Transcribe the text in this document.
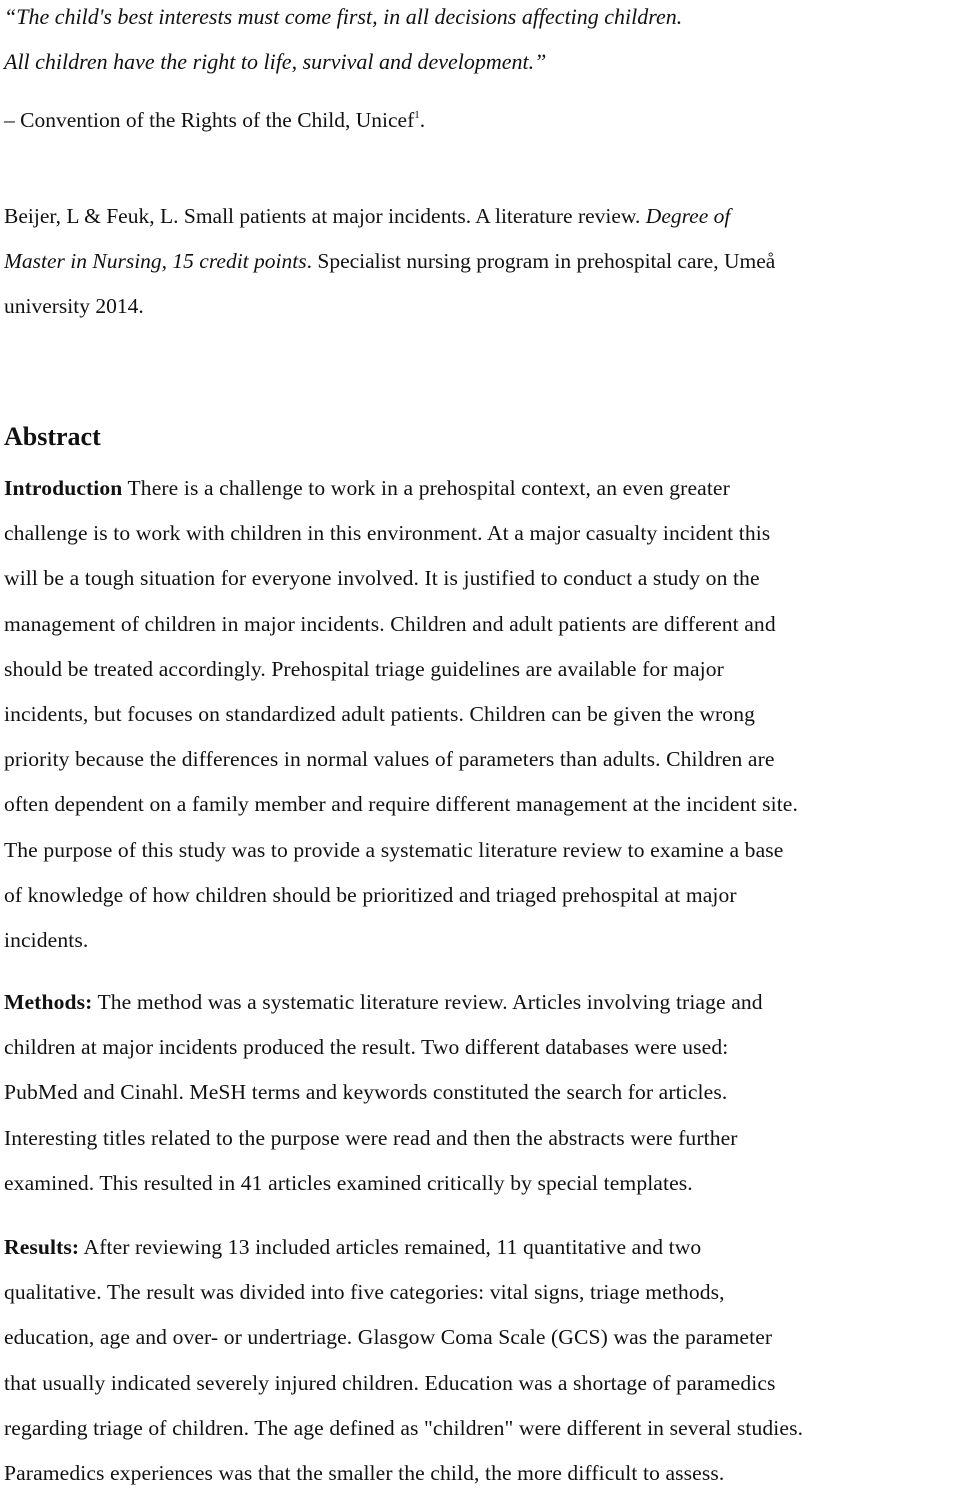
“The child's best interests must come first, in all decisions affecting children.
All children have the right to life, survival and development.”

– Convention of the Rights of the Child, Unicef$^1$.

Beijer, L & Feuk, L. Small patients at major incidents. A literature review. Degree of
Master in Nursing, 15 credit points. Specialist nursing program in prehospital care, Umeå
university 2014.

Abstract

Introduction There is a challenge to work in a prehospital context, an even greater
challenge is to work with children in this environment. At a major casualty incident this
will be a tough situation for everyone involved. It is justified to conduct a study on the
management of children in major incidents. Children and adult patients are different and
should be treated accordingly. Prehospital triage guidelines are available for major
incidents, but focuses on standardized adult patients. Children can be given the wrong
priority because the differences in normal values of parameters than adults. Children are
often dependent on a family member and require different management at the incident site.
The purpose of this study was to provide a systematic literature review to examine a base
of knowledge of how children should be prioritized and triaged prehospital at major
incidents.

Methods: The method was a systematic literature review. Articles involving triage and
children at major incidents produced the result. Two different databases were used:
PubMed and Cinahl. MeSH terms and keywords constituted the search for articles.
Interesting titles related to the purpose were read and then the abstracts were further
examined. This resulted in 41 articles examined critically by special templates.

Results: After reviewing 13 included articles remained, 11 quantitative and two
qualitative. The result was divided into five categories: vital signs, triage methods,
education, age and over- or undertriage. Glasgow Coma Scale (GCS) was the parameter
that usually indicated severely injured children. Education was a shortage of paramedics
regarding triage of children. The age defined as "children" were different in several studies.
Paramedics experiences was that the smaller the child, the more difficult to assess.
